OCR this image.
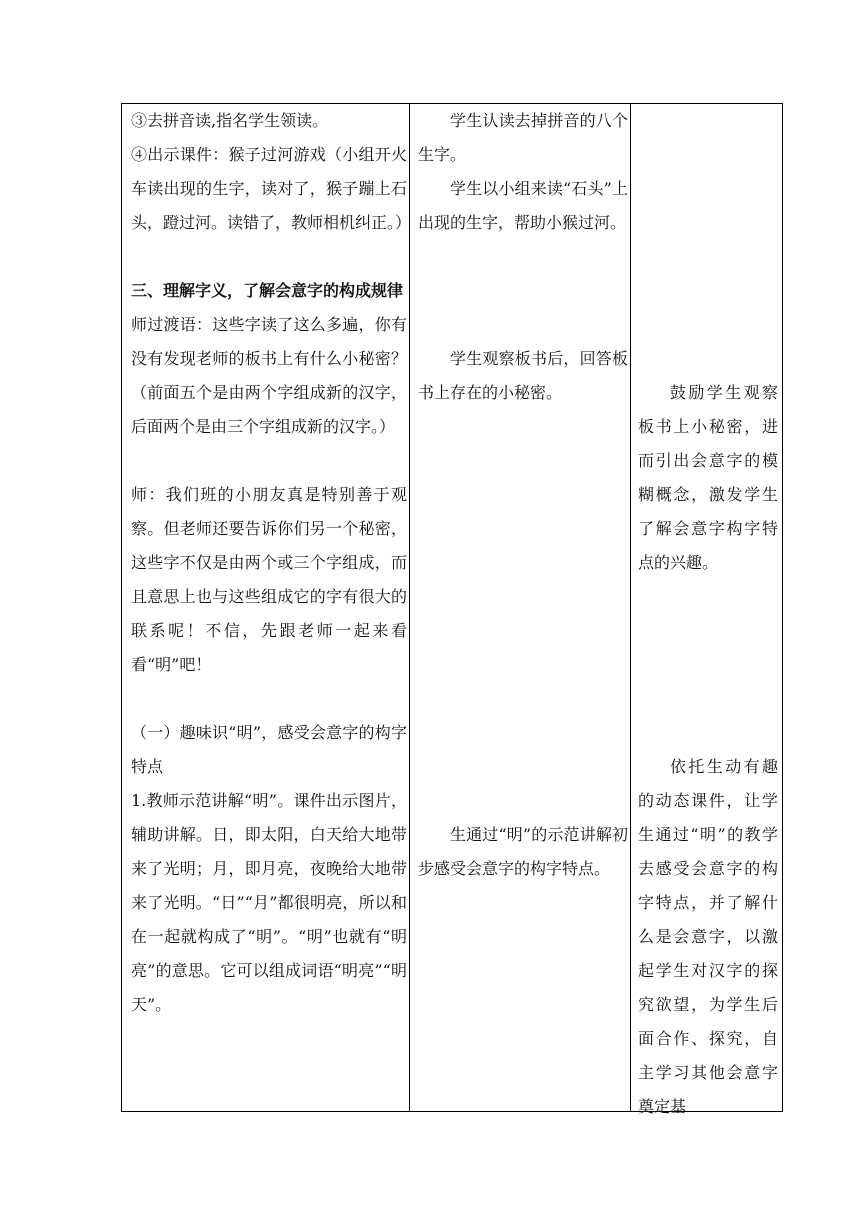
③去拼音读,指名学生领读。

④出示课件：猴子过河游戏（小组开火车读出现的生字，读对了，猴子蹦上石头，蹬过河。读错了，教师相机纠正。）

三、理解字义，了解会意字的构成规律

师过渡语：这些字读了这么多遍，你有没有发现老师的板书上有什么小秘密？（前面五个是由两个字组成新的汉字，后面两个是由三个字组成新的汉字。）

师：我们班的小朋友真是特别善于观察。但老师还要告诉你们另一个秘密，这些字不仅是由两个或三个字组成，而且意思上也与这些组成它的字有很大的联系呢！不信，先跟老师一起来看看“明”吧！

（一）趣味识“明”，感受会意字的构字特点

1.教师示范讲解“明”。课件出示图片，辅助讲解。日，即太阳，白天给大地带来了光明；月，即月亮，夜晚给大地带来了光明。“日”“月”都很明亮，所以和在一起就构成了“明”。“明”也就有“明亮”的意思。它可以组成词语“明亮”“明天”。

学生认读去掉拼音的八个生字。

学生以小组来读“石头”上出现的生字，帮助小猴过河。

学生观察板书后，回答板书上存在的小秘密。

生通过“明”的示范讲解初步感受会意字的构字特点。

鼓励学生观察板书上小秘密，进而引出会意字的模糊概念，激发学生了解会意字构字特点的兴趣。

依托生动有趣的动态课件，让学生通过“明”的教学去感受会意字的构字特点，并了解什么是会意字，以激起学生对汉字的探究欲望，为学生后面合作、探究，自主学习其他会意字奠定基
